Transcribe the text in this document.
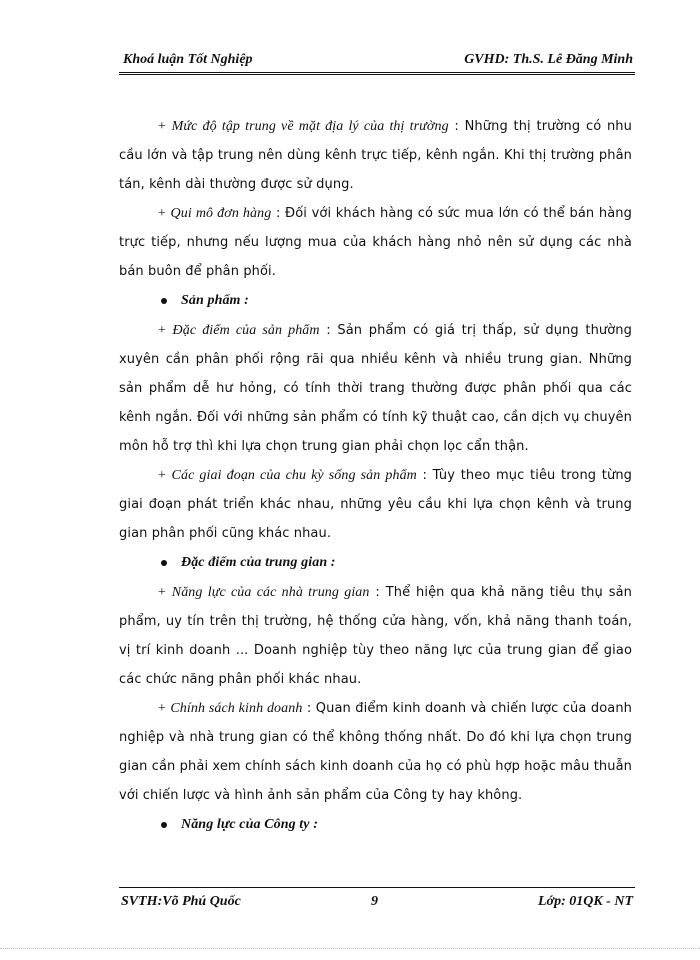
Khoá luận Tốt Nghiệp	GVHD: Th.S. Lê Đăng Minh

+ Mức độ tập trung về mặt địa lý của thị trường : Những thị trường có nhu cầu lớn và tập trung nên dùng kênh trực tiếp, kênh ngắn. Khi thị trường phân tán, kênh dài thường được sử dụng.

+ Qui mô đơn hàng : Đối với khách hàng có sức mua lớn có thể bán hàng trực tiếp, nhưng nếu lượng mua của khách hàng nhỏ nên sử dụng các nhà bán buôn để phân phối.

Sản phẩm :

+ Đặc điểm của sản phẩm : Sản phẩm có giá trị thấp, sử dụng thường xuyên cần phân phối rộng rãi qua nhiều kênh và nhiều trung gian. Những sản phẩm dễ hư hỏng, có tính thời trang thường được phân phối qua các kênh ngắn. Đối với những sản phẩm có tính kỹ thuật cao, cần dịch vụ chuyên môn hỗ trợ thì khi lựa chọn trung gian phải chọn lọc cẩn thận.

+ Các giai đoạn của chu kỳ sống sản phẩm : Tùy theo mục tiêu trong từng giai đoạn phát triển khác nhau, những yêu cầu khi lựa chọn kênh và trung gian phân phối cũng khác nhau.

Đặc điểm của trung gian :

+ Năng lực của các nhà trung gian : Thể hiện qua khả năng tiêu thụ sản phẩm, uy tín trên thị trường, hệ thống cửa hàng, vốn, khả năng thanh toán, vị trí kinh doanh ... Doanh nghiệp tùy theo năng lực của trung gian để giao các chức năng phân phối khác nhau.

+ Chính sách kinh doanh : Quan điểm kinh doanh và chiến lược của doanh nghiệp và nhà trung gian có thể không thống nhất. Do đó khi lựa chọn trung gian cần phải xem chính sách kinh doanh của họ có phù hợp hoặc mâu thuẫn với chiến lược và hình ảnh sản phẩm của Công ty hay không.

Năng lực của Công ty :
SVTH:Võ Phú Quốc	9	Lớp: 01QK - NT
